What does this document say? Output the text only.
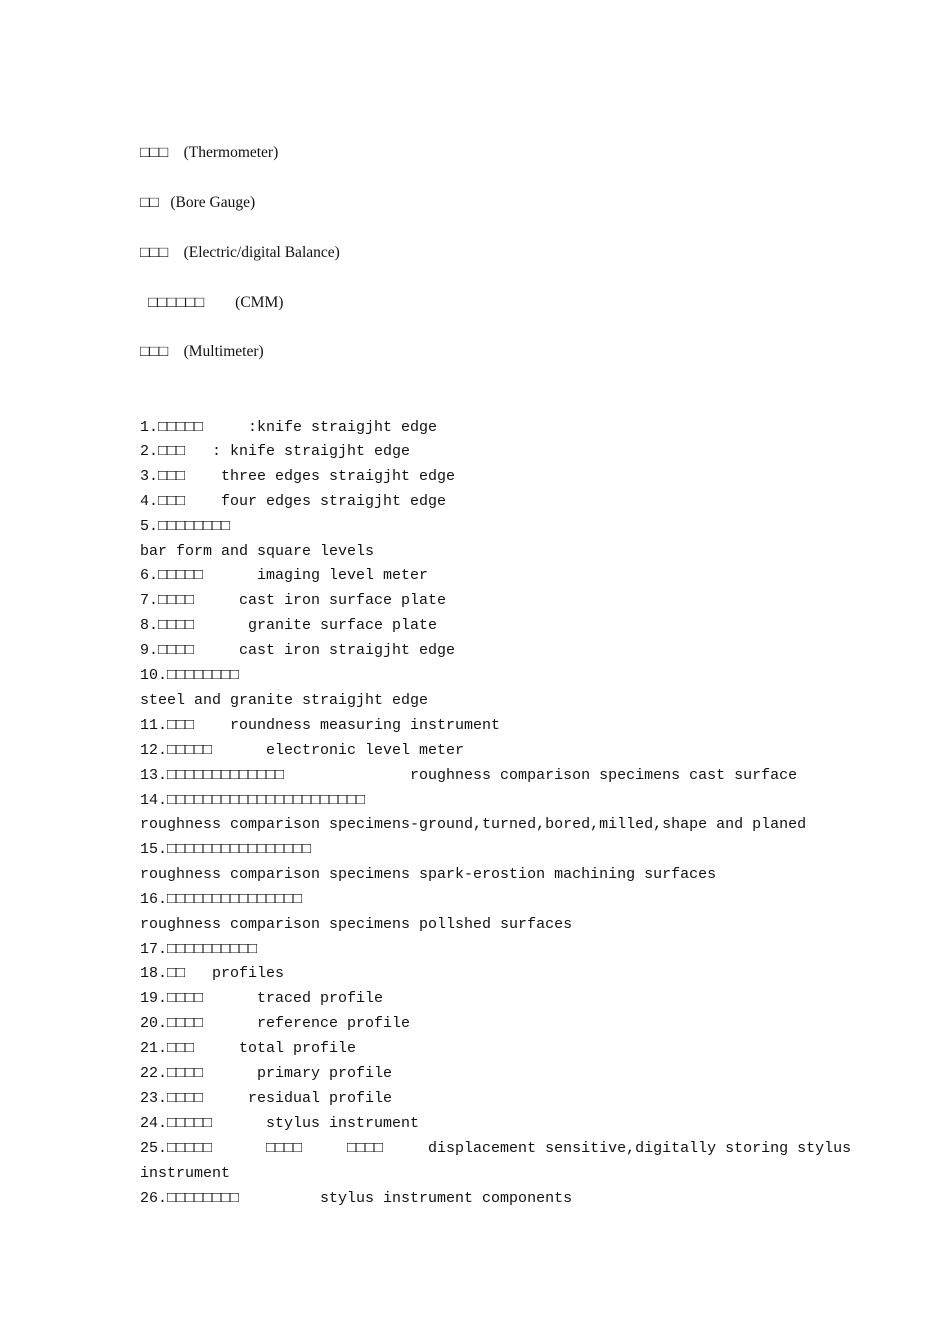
□□□    (Thermometer)
□□   (Bore Gauge)
□□□    (Electric/digital Balance)
□□□□□□        (CMM)
□□□    (Multimeter)
1.□□□□□     :knife straigjht edge
2.□□□   : knife straigjht edge
3.□□□    three edges straigjht edge
4.□□□    four edges straigjht edge
5.□□□□□□□□
bar form and square levels
6.□□□□□      imaging level meter
7.□□□□     cast iron surface plate
8.□□□□      granite surface plate
9.□□□□     cast iron straigjht edge
10.□□□□□□□□
steel and granite straigjht edge
11.□□□    roundness measuring instrument
12.□□□□□      electronic level meter
13.□□□□□□□□□□□□□              roughness comparison specimens cast surface
14.□□□□□□□□□□□□□□□□□□□□□□
roughness comparison specimens-ground,turned,bored,milled,shape and planed
15.□□□□□□□□□□□□□□□□
roughness comparison specimens spark-erostion machining surfaces
16.□□□□□□□□□□□□□□□
roughness comparison specimens pollshed surfaces
17.□□□□□□□□□□
18.□□   profiles
19.□□□□      traced profile
20.□□□□      reference profile
21.□□□     total profile
22.□□□□      primary profile
23.□□□□     residual profile
24.□□□□□      stylus instrument
25.□□□□□      □□□□     □□□□     displacement sensitive,digitally storing stylus
instrument
26.□□□□□□□□         stylus instrument components
